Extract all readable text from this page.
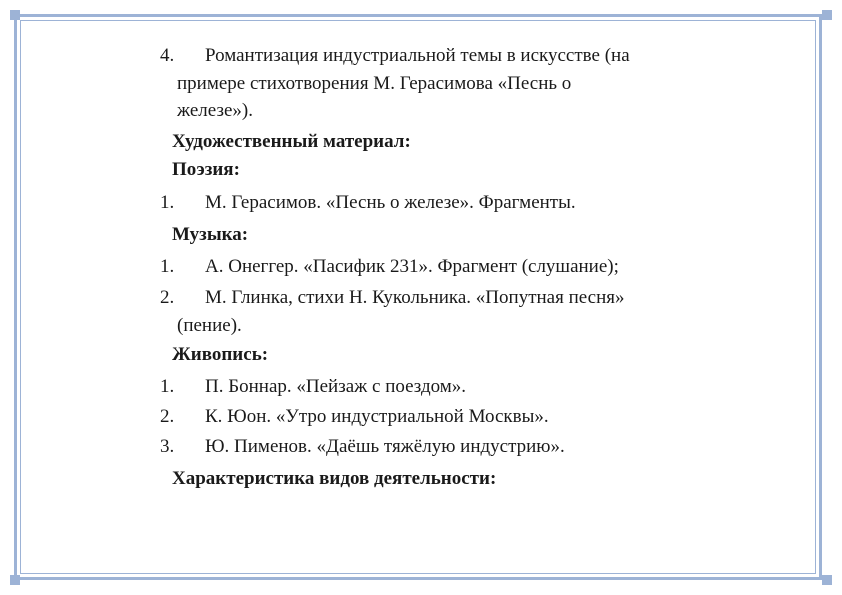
4. Романтизация индустриальной темы в искусстве (на
примере стихотворения М. Герасимова «Песнь о
железе»).
Художественный материал:
Поэзия:
1. М. Герасимов. «Песнь о железе». Фрагменты.
Музыка:
1. А. Онеггер. «Пасифик 231». Фрагмент (слушание);
2. М. Глинка, стихи Н. Кукольника. «Попутная песня»
(пение).
Живопись:
1. П. Боннар. «Пейзаж с поездом».
2. К. Юон. «Утро индустриальной Москвы».
3. Ю. Пименов. «Даёшь тяжёлую индустрию».
Характеристика видов деятельности:
